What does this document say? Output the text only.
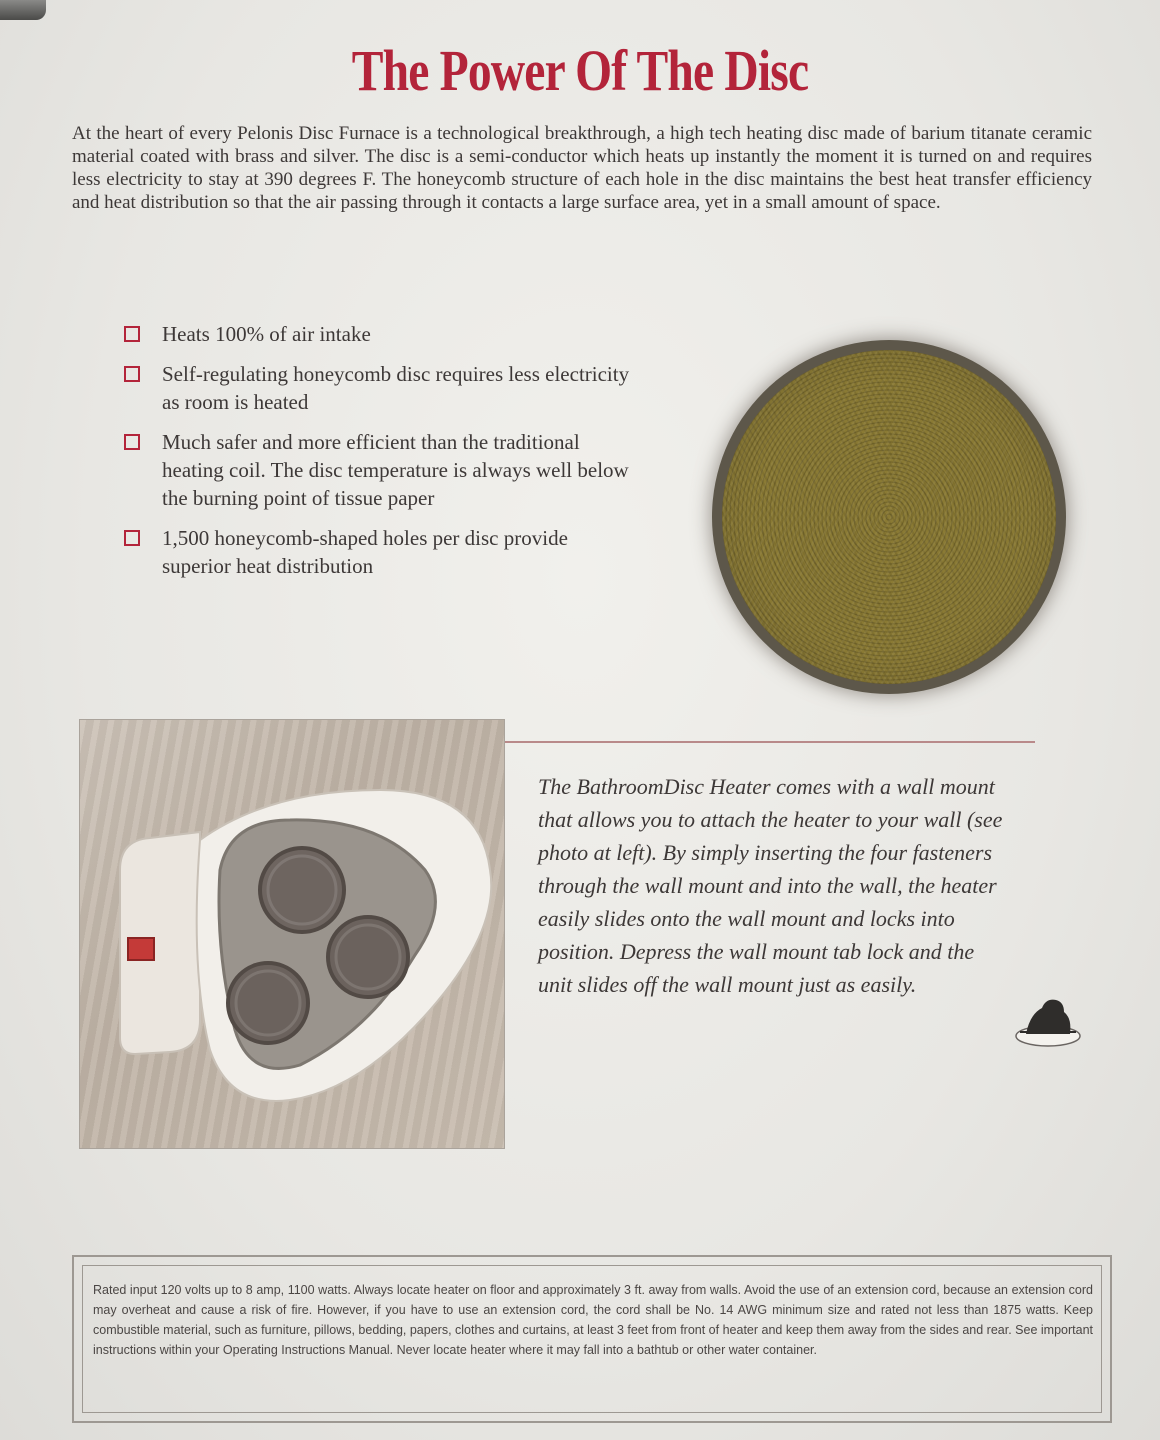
The Power Of The Disc
At the heart of every Pelonis Disc Furnace is a technological breakthrough, a high tech heating disc made of barium titanate ceramic material coated with brass and silver. The disc is a semi-conductor which heats up instantly the moment it is turned on and requires less electricity to stay at 390 degrees F. The honeycomb structure of each hole in the disc maintains the best heat transfer efficiency and heat distribution so that the air passing through it contacts a large surface area, yet in a small amount of space.
Heats 100% of air intake
Self-regulating honeycomb disc requires less electricity as room is heated
Much safer and more efficient than the traditional heating coil. The disc temperature is always well below the burning point of tissue paper
1,500 honeycomb-shaped holes per disc provide superior heat distribution
The BathroomDisc Heater comes with a wall mount that allows you to attach the heater to your wall (see photo at left). By simply inserting the four fasteners through the wall mount and into the wall, the heater easily slides onto the wall mount and locks into position. Depress the wall mount tab lock and the unit slides off the wall mount just as easily.
Rated input 120 volts up to 8 amp, 1100 watts. Always locate heater on floor and approximately 3 ft. away from walls. Avoid the use of an extension cord, because an extension cord may overheat and cause a risk of fire. However, if you have to use an extension cord, the cord shall be No. 14 AWG minimum size and rated not less than 1875 watts. Keep combustible material, such as furniture, pillows, bedding, papers, clothes and curtains, at least 3 feet from front of heater and keep them away from the sides and rear. See important instructions within your Operating Instructions Manual. Never locate heater where it may fall into a bathtub or other water container.
